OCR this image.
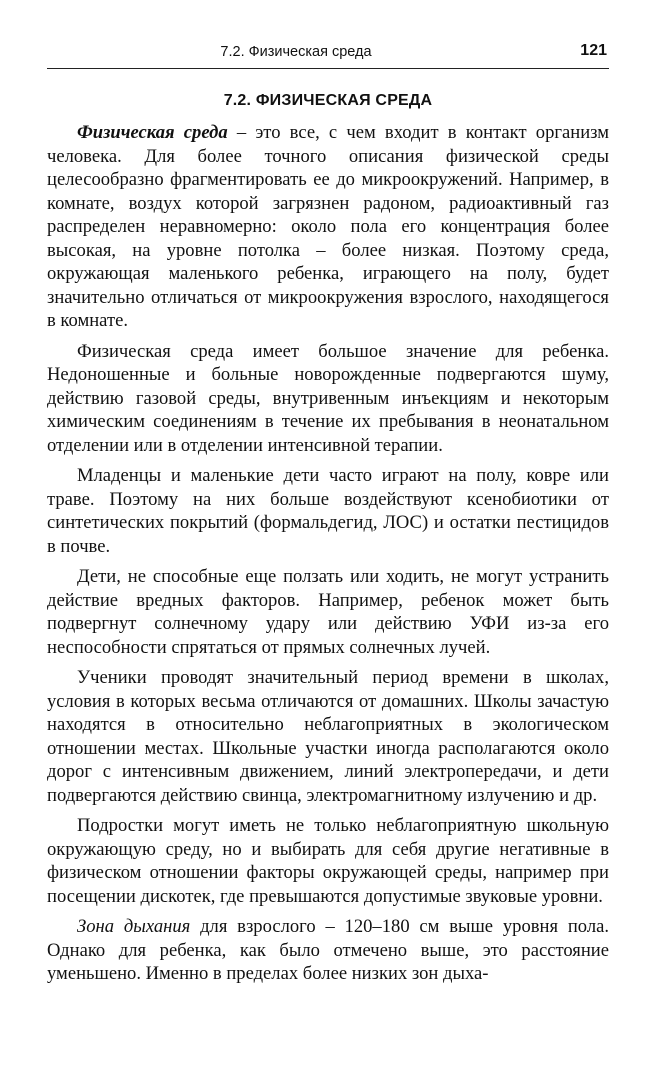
7.2. Физическая среда	121
7.2. ФИЗИЧЕСКАЯ СРЕДА

Физическая среда – это все, с чем входит в контакт организм человека. Для более точного описания физической среды целесообразно фрагментировать ее до микроокружений. Например, в комнате, воздух которой загрязнен радоном, радиоактивный газ распределен неравномерно: около пола его концентрация более высокая, на уровне потолка – более низкая. Поэтому среда, окружающая маленького ребенка, играющего на полу, будет значительно отличаться от микроокружения взрослого, находящегося в комнате.

Физическая среда имеет большое значение для ребенка. Недоношенные и больные новорожденные подвергаются шуму, действию газовой среды, внутривенным инъекциям и некоторым химическим соединениям в течение их пребывания в неонатальном отделении или в отделении интенсивной терапии.

Младенцы и маленькие дети часто играют на полу, ковре или траве. Поэтому на них больше воздействуют ксенобиотики от синтетических покрытий (формальдегид, ЛОС) и остатки пестицидов в почве.

Дети, не способные еще ползать или ходить, не могут устранить действие вредных факторов. Например, ребенок может быть подвергнут солнечному удару или действию УФИ из-за его неспособности спрятаться от прямых солнечных лучей.

Ученики проводят значительный период времени в школах, условия в которых весьма отличаются от домашних. Школы зачастую находятся в относительно неблагоприятных в экологическом отношении местах. Школьные участки иногда располагаются около дорог с интенсивным движением, линий электропередачи, и дети подвергаются действию свинца, электромагнитному излучению и др.

Подростки могут иметь не только неблагоприятную школьную окружающую среду, но и выбирать для себя другие негативные в физическом отношении факторы окружающей среды, например при посещении дискотек, где превышаются допустимые звуковые уровни.

Зона дыхания для взрослого – 120–180 см выше уровня пола. Однако для ребенка, как было отмечено выше, это расстояние уменьшено. Именно в пределах более низких зон дыха-
